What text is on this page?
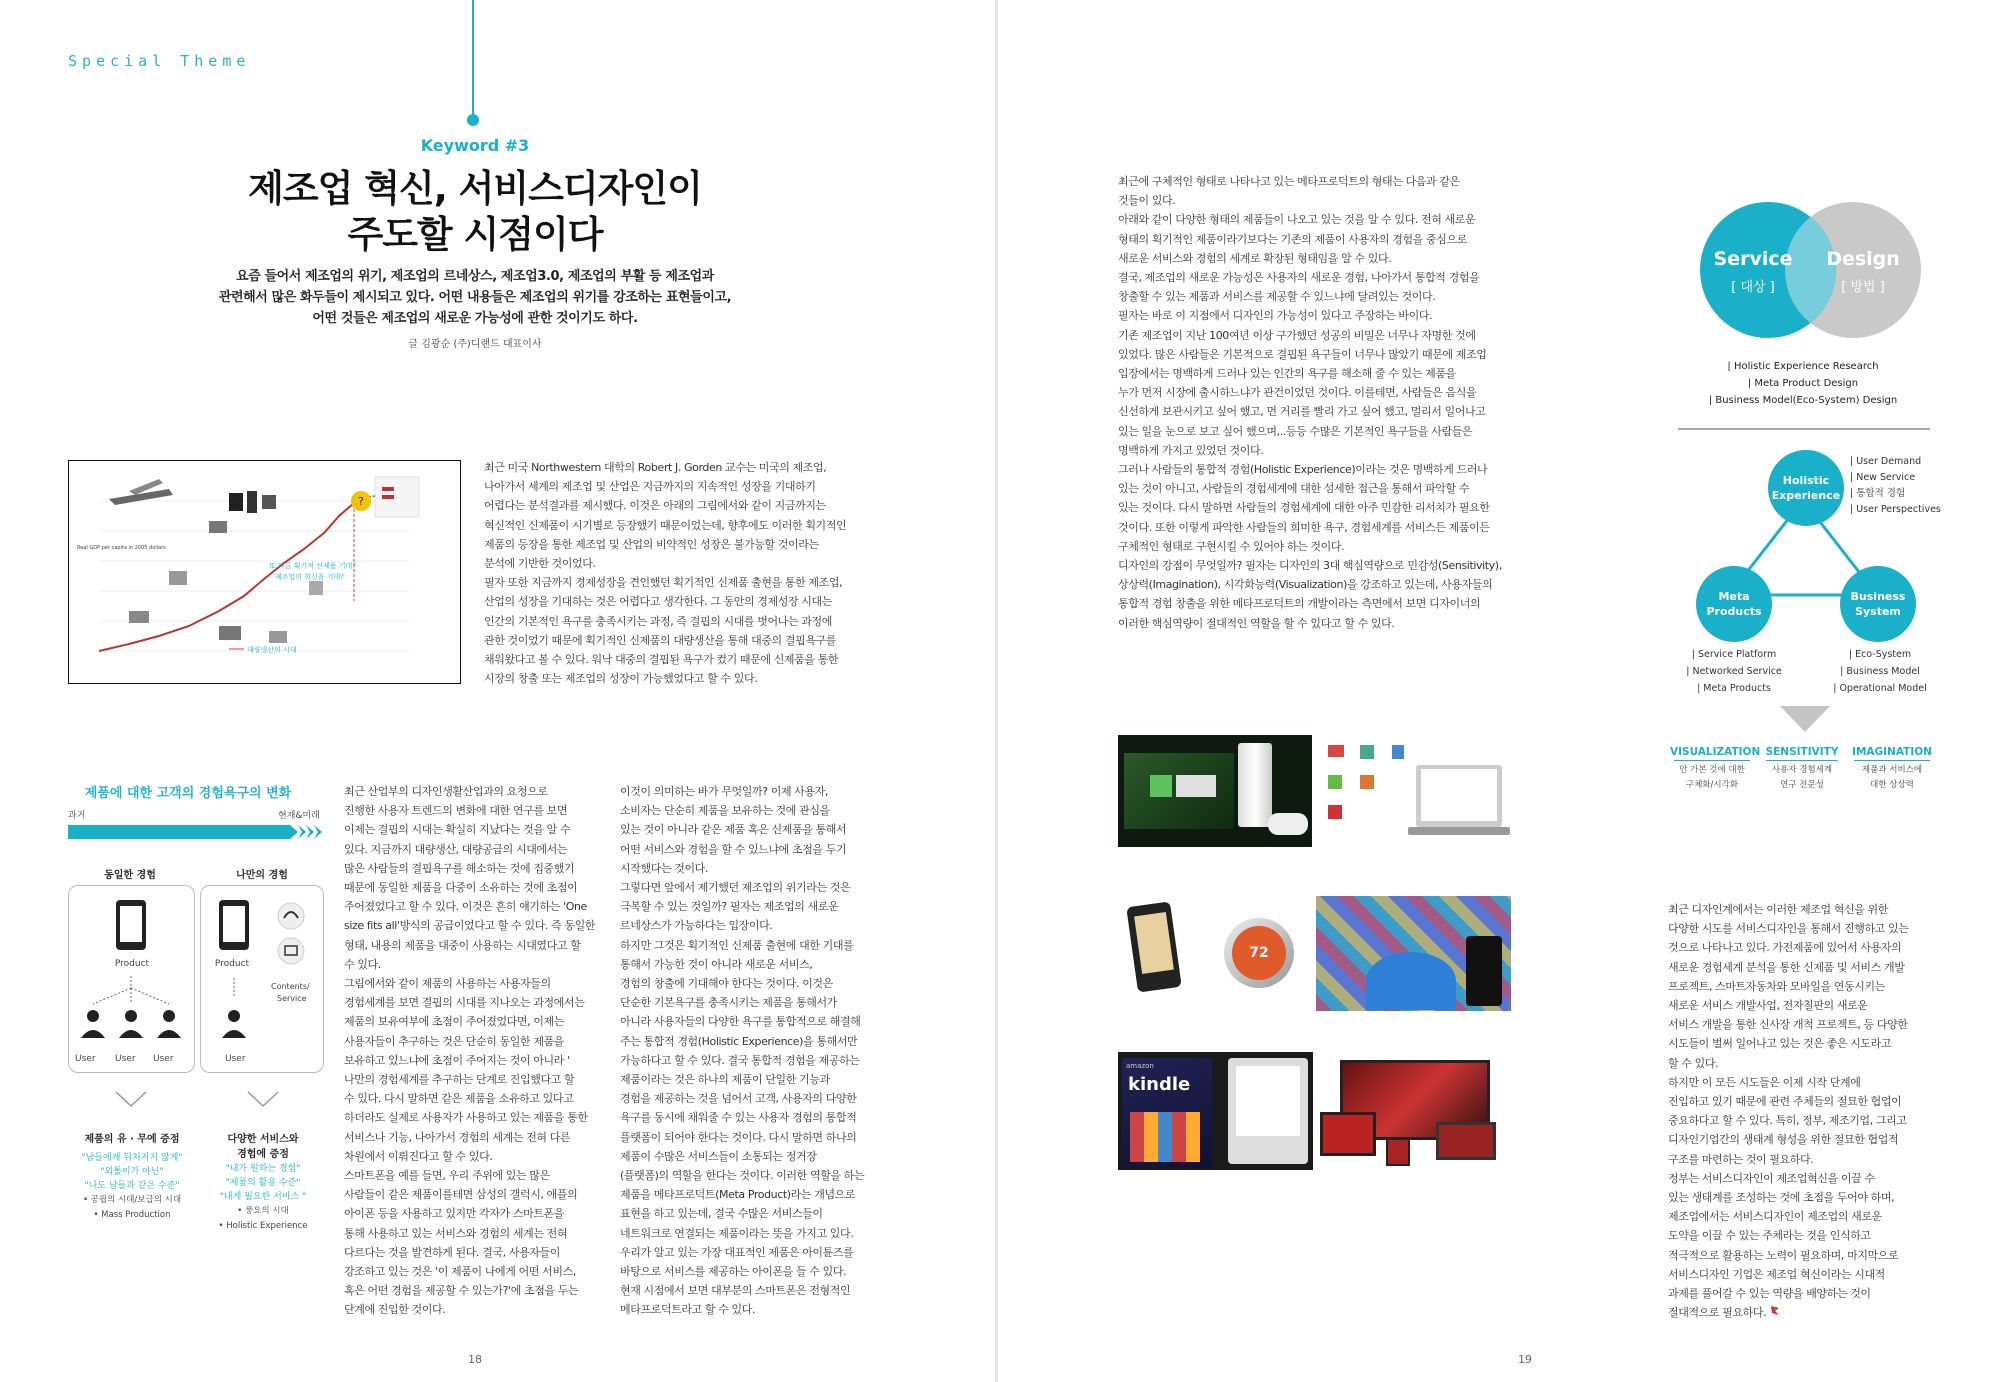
Special Theme
Keyword #3
제조업 혁신, 서비스디자인이
주도할 시점이다
요즘 들어서 제조업의 위기, 제조업의 르네상스, 제조업3.0, 제조업의 부활 등 제조업과
관련해서 많은 화두들이 제시되고 있다. 어떤 내용들은 제조업의 위기를 강조하는 표현들이고,
어떤 것들은 제조업의 새로운 가능성에 관한 것이기도 하다.
글 김광순 (주)디랜드 대표이사
?
Real GDP per capita in 2005 dollars
또 다른 획기적 신제품 기대?
제조업의 혁신을 기대?
대량생산의 시대
최근 미국 Northwestern 대학의 Robert J. Gorden 교수는 미국의 제조업,
나아가서 세계의 제조업 및 산업은 지금까지의 지속적인 성장을 기대하기
어렵다는 분석결과를 제시했다. 이것은 아래의 그림에서와 같이 지금까지는
혁신적인 신제품이 시기별로 등장했기 때문이었는데, 향후에도 이러한 획기적인
제품의 등장을 통한 제조업 및 산업의 비약적인 성장은 불가능할 것이라는
분석에 기반한 것이었다.
필자 또한 지금까지 경제성장을 견인했던 획기적인 신제품 출현을 통한 제조업,
산업의 성장을 기대하는 것은 어렵다고 생각한다. 그 동안의 경제성장 시대는
인간의 기본적인 욕구를 충족시키는 과정, 즉 결핍의 시대를 벗어나는 과정에
관한 것이었기 때문에 획기적인 신제품의 대량생산을 통해 대중의 결핍욕구를
채워왔다고 볼 수 있다. 워낙 대중의 결핍된 욕구가 컸기 때문에 신제품을 통한
시장의 창출 또는 제조업의 성장이 가능했었다고 할 수 있다.
제품에 대한 고객의 경험욕구의 변화
과거	현재&미래
동일한 경험	나만의 경험
Product
User User User
Product
Contents/
Service
User
제품의 유 · 무에 증점
"남들에게 뒤처지지 않게"
"외톨이가 아닌"
"나도 남들과 같은 수준"
• 공핍의 시대/보급의 시대
• Mass Production
다양한 서비스와
경험에 증점
"내가 원하는 경험"
"제품의 활용 수준"
"내게 필요한 서비스 "
• 풍요의 시대
• Holistic Experience
최근 산업부의 디자인생활산업과의 요청으로
진행한 사용자 트렌드의 변화에 대한 연구를 보면
이제는 결핍의 시대는 확실히 지났다는 것을 알 수
있다. 지금까지 대량생산, 대량공급의 시대에서는
많은 사람들의 결핍욕구를 해소하는 것에 집중했기
때문에 동일한 제품을 다중이 소유하는 것에 초점이
주어졌었다고 할 수 있다. 이것은 흔히 얘기하는 'One
size fits all'방식의 공급이었다고 할 수 있다. 즉 동일한
형태, 내용의 제품을 대중이 사용하는 시대였다고 할
수 있다.
그림에서와 같이 제품의 사용하는 사용자들의
경험세계를 보면 결핍의 시대를 지나오는 과정에서는
제품의 보유여부에 초점이 주어졌었다면, 이제는
사용자들이 추구하는 것은 단순히 동일한 제품을
보유하고 있느냐에 초점이 주어지는 것이 아니라 '
나만의 경험세계를 추구하는 단계로 진입했다고 할
수 있다. 다시 말하면 같은 제품을 소유하고 있다고
하더라도 실제로 사용자가 사용하고 있는 제품을 통한
서비스나 기능, 나아가서 경험의 세계는 전혀 다른
차원에서 이뤄진다고 할 수 있다.
스마트폰을 예를 들면, 우리 주위에 있는 많은
사람들이 같은 제품이를테면 삼성의 갤럭시, 애플의
아이폰 등을 사용하고 있지만 각자가 스마트폰을
통해 사용하고 있는 서비스와 경험의 세계는 전혀
다르다는 것을 발견하게 된다. 결국, 사용자들이
강조하고 있는 것은 '이 제품이 나에게 어떤 서비스,
혹은 어떤 경험을 제공할 수 있는가?'에 초점을 두는
단계에 진입한 것이다.
이것이 의미하는 바가 무엇일까? 이제 사용자,
소비자는 단순히 제품을 보유하는 것에 관심을
있는 것이 아니라 같은 제품 혹은 신제품을 통해서
어떤 서비스와 경험을 할 수 있느냐에 초점을 두기
시작했다는 것이다.
그렇다면 앞에서 제기했던 제조업의 위기라는 것은
극복할 수 있는 것일까? 필자는 제조업의 새로운
르네상스가 가능하다는 입장이다.
하지만 그것은 획기적인 신제품 출현에 대한 기대를
통해서 가능한 것이 아니라 새로운 서비스,
경험의 창출에 기대해야 한다는 것이다. 이것은
단순한 기본욕구를 충족시키는 제품을 통해서가
아니라 사용자들의 다양한 욕구를 통합적으로 해결해
주는 통합적 경험(Holistic Experience)을 통해서만
가능하다고 할 수 있다. 결국 통합적 경험을 제공하는
제품이라는 것은 하나의 제품이 단일한 기능과
경험을 제공하는 것을 넘어서 고객, 사용자의 다양한
욕구를 동시에 채워줄 수 있는 사용자 경험의 통합적
플랫폼이 되어야 한다는 것이다. 다시 말하면 하나의
제품이 수많은 서비스들이 소통되는 정거장
(플랫폼)의 역할을 한다는 것이다. 이러한 역할을 하는
제품을 메타프로덕트(Meta Product)라는 개념으로
표현을 하고 있는데, 결국 수많은 서비스들이
네트워크로 연결되는 제품이라는 뜻을 가지고 있다.
우리가 알고 있는 가장 대표적인 제품은 아이튠즈를
바탕으로 서비스를 제공하는 아이폰을 들 수 있다.
현재 시점에서 보면 대부분의 스마트폰은 전형적인
메타프로덕트라고 할 수 있다.
18
최근에 구체적인 형태로 나타나고 있는 메타프로덕트의 형태는 다음과 같은
것들이 있다.
아래와 같이 다양한 형태의 제품들이 나오고 있는 것을 알 수 있다. 전혀 새로운
형태의 획기적인 제품이라기보다는 기존의 제품이 사용자의 경험을 중심으로
새로운 서비스와 경험의 세계로 확장된 형태임을 알 수 있다.
결국, 제조업의 새로운 가능성은 사용자의 새로운 경험, 나아가서 통합적 경험을
창출할 수 있는 제품과 서비스를 제공할 수 있느냐에 달려있는 것이다.
필자는 바로 이 지점에서 디자인의 가능성이 있다고 주장하는 바이다.
기존 제조업이 지난 100여년 이상 구가했던 성공의 비밀은 너무나 자명한 것에
있었다. 많은 사람들은 기본적으로 결핍된 욕구들이 너무나 많았기 때문에 제조업
입장에서는 명백하게 드러나 있는 인간의 욕구를 해소해 줄 수 있는 제품을
누가 먼저 시장에 출시하느냐가 관건이었던 것이다. 이를테면, 사람들은 음식을
신선하게 보관시키고 싶어 했고, 먼 거리를 빨리 가고 싶어 했고, 멀리서 일어나고
있는 일을 눈으로 보고 싶어 했으며,..등등 수많은 기본적인 욕구들을 사람들은
명백하게 가지고 있었던 것이다.
그러나 사람들의 통합적 경험(Holistic Experience)이라는 것은 명백하게 드러나
있는 것이 아니고, 사람들의 경험세계에 대한 섬세한 접근을 통해서 파악할 수
있는 것이다. 다시 말하면 사람들의 경험세계에 대한 아주 민감한 리서치가 필요한
것이다. 또한 이렇게 파악한 사람들의 희미한 욕구, 경험세계를 서비스든 제품이든
구체적인 형태로 구현시킬 수 있어야 하는 것이다.
디자인의 강점이 무엇일까? 필자는 디자인의 3대 핵심역량으로 민감성(Sensitivity),
상상력(Imagination), 시각화능력(Visualization)을 강조하고 있는데, 사용자들의
통합적 경험 창출을 위한 메타프로덕트의 개발이라는 측면에서 보면 디자이너의
이러한 핵심역량이 절대적인 역할을 할 수 있다고 할 수 있다.
Service
[ 대상 ]
Design
[ 방법 ]
| Holistic Experience Research
| Meta Product Design
| Business Model(Eco-System) Design
Holistic
Experience
Meta
Products
Business
System
| User Demand
| New Service
| 통합적 경험
| User Perspectives
| Service Platform
| Networked Service
| Meta Products
| Eco-System
| Business Model
| Operational Model
VISUALIZATION
안 가본 것에 대한
구체화/시각화
SENSITIVITY
사용자 경험세계
연구 전문성
IMAGINATION
제품과 서비스에
대한 상상력
72
amazon
kindle
최근 디자인계에서는 이러한 제조업 혁신을 위한
다양한 시도를 서비스디자인을 통해서 진행하고 있는
것으로 나타나고 있다. 가전제품에 있어서 사용자의
새로운 경험세계 분석을 통한 신제품 및 서비스 개발
프로젝트, 스마트자동차와 모바일을 연동시키는
새로운 서비스 개발사업, 전자칠판의 새로운
서비스 개발을 통한 신사장 개척 프로젝트, 등 다양한
시도들이 벌써 일어나고 있는 것은 좋은 시도라고
할 수 있다.
하지만 이 모든 시도들은 이제 시작 단계에
진입하고 있기 때문에 관련 주체들의 절묘한 협업이
중요하다고 할 수 있다. 특히, 정부, 제조기업, 그리고
디자인기업간의 생태계 형성을 위한 절묘한 협업적
구조를 마련하는 것이 필요하다.
정부는 서비스디자인이 제조업혁신을 이끌 수
있는 생태계를 조성하는 것에 초점을 두어야 하며,
제조업에서는 서비스디자인이 제조업의 새로운
도약을 이끌 수 있는 주체라는 것을 인식하고
적극적으로 활용하는 노력이 필요하며, 마지막으로
서비스디자인 기업은 제조업 혁신이라는 시대적
과제를 풀어갈 수 있는 역량을 배양하는 것이
절대적으로 필요하다.
19
